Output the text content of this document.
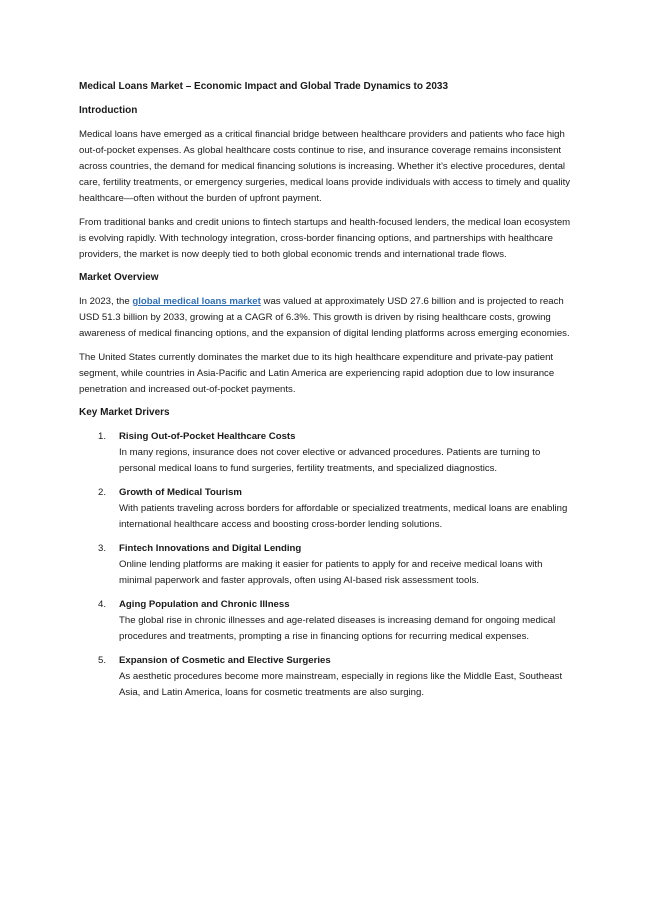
Medical Loans Market – Economic Impact and Global Trade Dynamics to 2033
Introduction

Medical loans have emerged as a critical financial bridge between healthcare providers and patients who face high out-of-pocket expenses. As global healthcare costs continue to rise, and insurance coverage remains inconsistent across countries, the demand for medical financing solutions is increasing. Whether it's elective procedures, dental care, fertility treatments, or emergency surgeries, medical loans provide individuals with access to timely and quality healthcare—often without the burden of upfront payment.

From traditional banks and credit unions to fintech startups and health-focused lenders, the medical loan ecosystem is evolving rapidly. With technology integration, cross-border financing options, and partnerships with healthcare providers, the market is now deeply tied to both global economic trends and international trade flows.

Market Overview

In 2023, the global medical loans market was valued at approximately USD 27.6 billion and is projected to reach USD 51.3 billion by 2033, growing at a CAGR of 6.3%. This growth is driven by rising healthcare costs, growing awareness of medical financing options, and the expansion of digital lending platforms across emerging economies.

The United States currently dominates the market due to its high healthcare expenditure and private-pay patient segment, while countries in Asia-Pacific and Latin America are experiencing rapid adoption due to low insurance penetration and increased out-of-pocket payments.

Key Market Drivers
1. Rising Out-of-Pocket Healthcare Costs
In many regions, insurance does not cover elective or advanced procedures. Patients are turning to personal medical loans to fund surgeries, fertility treatments, and specialized diagnostics.
2. Growth of Medical Tourism
With patients traveling across borders for affordable or specialized treatments, medical loans are enabling international healthcare access and boosting cross-border lending solutions.
3. Fintech Innovations and Digital Lending
Online lending platforms are making it easier for patients to apply for and receive medical loans with minimal paperwork and faster approvals, often using AI-based risk assessment tools.
4. Aging Population and Chronic Illness
The global rise in chronic illnesses and age-related diseases is increasing demand for ongoing medical procedures and treatments, prompting a rise in financing options for recurring medical expenses.
5. Expansion of Cosmetic and Elective Surgeries
As aesthetic procedures become more mainstream, especially in regions like the Middle East, Southeast Asia, and Latin America, loans for cosmetic treatments are also surging.
